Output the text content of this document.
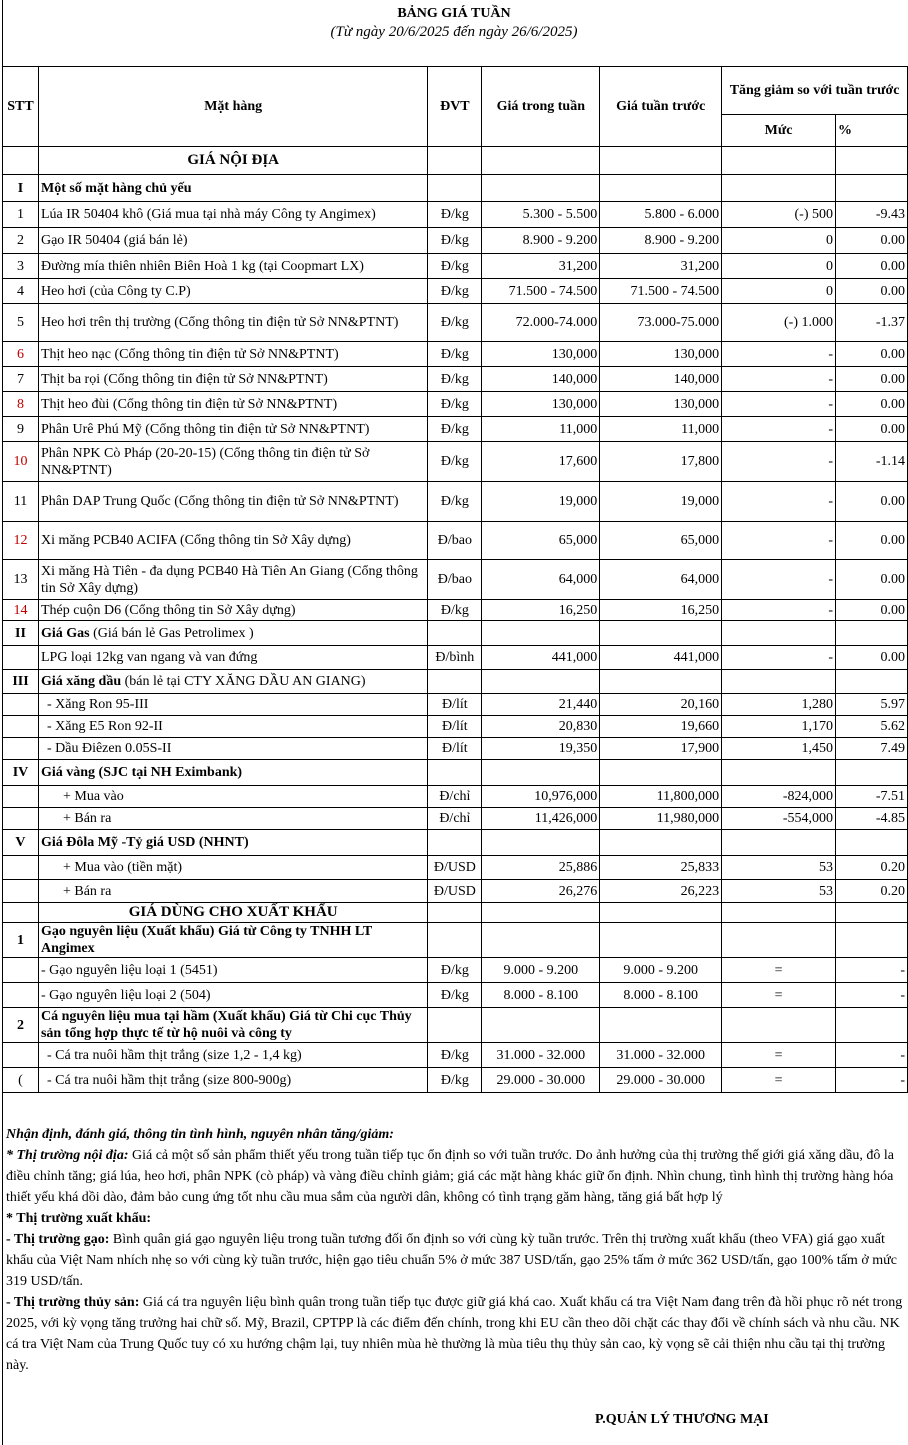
BẢNG GIÁ TUẦN
(Từ ngày 20/6/2025 đến ngày 26/6/2025)
STT	Mặt hàng	ĐVT	Giá trong tuần	Giá tuần trước	Tăng giảm so với tuần trước	
					Mức	%
	GIÁ NỘI ĐỊA					
I	Một số mặt hàng chủ yếu					
1	Lúa IR 50404 khô (Giá mua tại nhà máy Công ty Angimex)	Đ/kg	5.300 - 5.500	5.800 - 6.000	(-) 500	-9.43
2	Gạo IR 50404 (giá bán lẻ)	Đ/kg	8.900 - 9.200	8.900 - 9.200	0	0.00
3	Đường mía thiên nhiên Biên Hoà 1 kg (tại Coopmart LX)	Đ/kg	31,200	31,200	0	0.00
4	Heo hơi (của Công ty C.P)	Đ/kg	71.500 - 74.500	71.500 - 74.500	0	0.00
5	Heo hơi trên thị trường (Cổng thông tin điện tử Sở NN&PTNT)	Đ/kg	72.000-74.000	73.000-75.000	(-) 1.000	-1.37
6	Thịt heo nạc (Cổng thông tin điện tử Sở NN&PTNT)	Đ/kg	130,000	130,000	-	0.00
7	Thịt ba rọi (Cổng thông tin điện tử Sở NN&PTNT)	Đ/kg	140,000	140,000	-	0.00
8	Thịt heo đùi (Cổng thông tin điện tử Sở NN&PTNT)	Đ/kg	130,000	130,000	-	0.00
9	Phân Urê Phú Mỹ (Cổng thông tin điện tử Sở NN&PTNT)	Đ/kg	11,000	11,000	-	0.00
10	Phân NPK Cò Pháp (20-20-15) (Cổng thông tin điện tử Sở NN&PTNT)	Đ/kg	17,600	17,800	-	-1.14
11	Phân DAP Trung Quốc (Cổng thông tin điện tử Sở NN&PTNT)	Đ/kg	19,000	19,000	-	0.00
12	Xi măng PCB40 ACIFA (Cổng thông tin Sở Xây dựng)	Đ/bao	65,000	65,000	-	0.00
13	Xi măng Hà Tiên - đa dụng PCB40 Hà Tiên An Giang (Cổng thông tin Sở Xây dựng)	Đ/bao	64,000	64,000	-	0.00
14	Thép cuộn D6 (Cổng thông tin Sở Xây dựng)	Đ/kg	16,250	16,250	-	0.00
II	Giá Gas (Giá bán lẻ Gas Petrolimex )					
	LPG loại 12kg van ngang và van đứng	Đ/bình	441,000	441,000	-	0.00
III	Giá xăng dầu (bán lẻ tại CTY XĂNG DẦU AN GIANG)					
	- Xăng Ron 95-III	Đ/lít	21,440	20,160	1,280	5.97
	- Xăng E5 Ron 92-II	Đ/lít	20,830	19,660	1,170	5.62
	- Dầu Điêzen 0.05S-II	Đ/lít	19,350	17,900	1,450	7.49
IV	Giá vàng (SJC tại NH Eximbank)					
	+ Mua vào	Đ/chỉ	10,976,000	11,800,000	-824,000	-7.51
	+ Bán ra	Đ/chỉ	11,426,000	11,980,000	-554,000	-4.85
V	Giá Đôla Mỹ -Tỷ giá USD (NHNT)					
	+ Mua vào (tiền mặt)	Đ/USD	25,886	25,833	53	0.20
	+ Bán ra	Đ/USD	26,276	26,223	53	0.20
	GIÁ DÙNG CHO XUẤT KHẨU					
1	Gạo nguyên liệu (Xuất khẩu) Giá từ Công ty TNHH LT Angimex					
	- Gạo nguyên liệu loại 1 (5451)	Đ/kg	9.000 - 9.200	9.000 - 9.200	=	-
	- Gạo nguyên liệu loại 2 (504)	Đ/kg	8.000 - 8.100	8.000 - 8.100	=	-
2	Cá nguyên liệu mua tại hầm (Xuất khẩu) Giá từ Chi cục Thủy sản tổng hợp thực tế từ hộ nuôi và công ty					
	- Cá tra nuôi hầm thịt trắng (size 1,2 - 1,4 kg)	Đ/kg	31.000 - 32.000	31.000 - 32.000	=	-
(	- Cá tra nuôi hầm thịt trắng (size 800-900g)	Đ/kg	29.000 - 30.000	29.000 - 30.000	=	-

Nhận định, đánh giá, thông tin tình hình, nguyên nhân tăng/giảm:

* Thị trường nội địa: Giá cả một số sản phẩm thiết yếu trong tuần tiếp tục ổn định so với tuần trước. Do ảnh hưởng của thị trường thế giới giá xăng dầu, đô la điều chỉnh tăng; giá lúa, heo hơi, phân NPK (cò pháp) và vàng điều chỉnh giảm; giá các mặt hàng khác giữ ổn định. Nhìn chung, tình hình thị trường hàng hóa thiết yếu khá dồi dào, đảm bảo cung ứng tốt nhu cầu mua sắm của người dân, không có tình trạng găm hàng, tăng giá bất hợp lý

* Thị trường xuất khẩu:

- Thị trường gạo: Bình quân giá gạo nguyên liệu trong tuần tương đối ổn định so với cùng kỳ tuần trước. Trên thị trường xuất khẩu (theo VFA) giá gạo xuất khẩu của Việt Nam nhích nhẹ so với cùng kỳ tuần trước, hiện gạo tiêu chuẩn 5% ở mức 387 USD/tấn, gạo 25% tấm ở mức 362 USD/tấn, gạo 100% tấm ở mức 319 USD/tấn.

- Thị trường thủy sản: Giá cá tra nguyên liệu bình quân trong tuần tiếp tục được giữ giá khá cao. Xuất khẩu cá tra Việt Nam đang trên đà hồi phục rõ nét trong 2025, với kỳ vọng tăng trưởng hai chữ số. Mỹ, Brazil, CPTPP là các điểm đến chính, trong khi EU cần theo dõi chặt các thay đổi về chính sách và nhu cầu. NK cá tra Việt Nam của Trung Quốc tuy có xu hướng chậm lại, tuy nhiên mùa hè thường là mùa tiêu thụ thủy sản cao, kỳ vọng sẽ cải thiện nhu cầu tại thị trường này.

P.QUẢN LÝ THƯƠNG MẠI
